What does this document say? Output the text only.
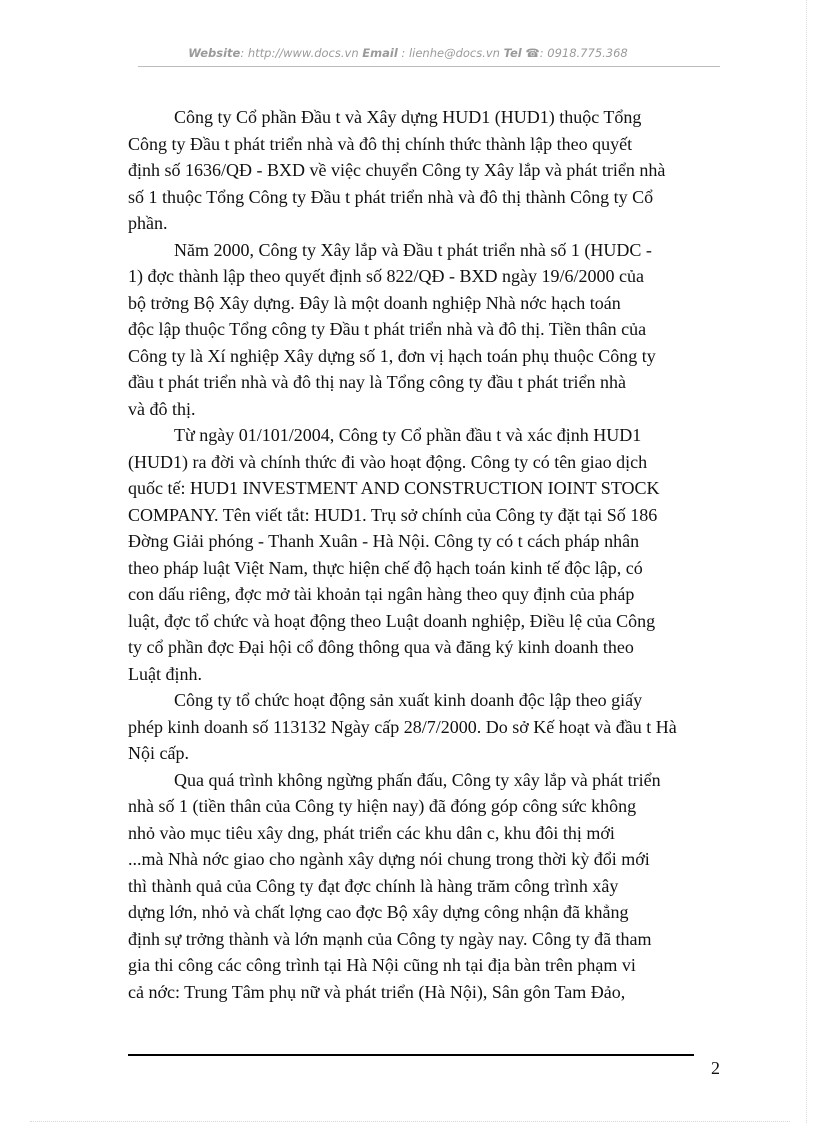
Website: http://www.docs.vn Email : lienhe@docs.vn Tel ☎: 0918.775.368

Công ty Cổ phần Đầu t và Xây dựng HUD1 (HUD1) thuộc Tổng
Công ty Đầu t phát triển nhà và đô thị chính thức thành lập theo quyết
định số 1636/QĐ - BXD về việc chuyển Công ty Xây lắp và phát triển nhà
số 1 thuộc Tổng Công ty Đầu t phát triển nhà và đô thị thành Công ty Cổ
phần.

Năm 2000, Công ty Xây lắp và Đầu t phát triển nhà số 1 (HUDC -
1) đợc thành lập theo quyết định số 822/QĐ - BXD ngày 19/6/2000 của
bộ trởng Bộ Xây dựng. Đây là một doanh nghiệp Nhà nớc hạch toán
độc lập thuộc Tổng công ty Đầu t phát triển nhà và đô thị. Tiền thân của
Công ty là Xí nghiệp Xây dựng số 1, đơn vị hạch toán phụ thuộc Công ty
đầu t phát triển nhà và đô thị nay là Tổng công ty đầu t phát triển nhà
và đô thị.

Từ ngày 01/101/2004, Công ty Cổ phần đầu t và xác định HUD1
(HUD1) ra đời và chính thức đi vào hoạt động. Công ty có tên giao dịch
quốc tế: HUD1 INVESTMENT AND CONSTRUCTION IOINT STOCK
COMPANY. Tên viết tắt: HUD1. Trụ sở chính của Công ty đặt tại Số 186
Đờng Giải phóng - Thanh Xuân - Hà Nội. Công ty có t cách pháp nhân
theo pháp luật Việt Nam, thực hiện chế độ hạch toán kinh tế độc lập, có
con dấu riêng, đợc mở tài khoản tại ngân hàng theo quy định của pháp
luật, đợc tổ chức và hoạt động theo Luật doanh nghiệp, Điều lệ của Công
ty cổ phần đợc Đại hội cổ đông thông qua và đăng ký kinh doanh theo
Luật định.

Công ty tổ chức hoạt động sản xuất kinh doanh độc lập theo giấy
phép kinh doanh số 113132 Ngày cấp 28/7/2000. Do sở Kế hoạt và đầu t Hà
Nội cấp.

Qua quá trình không ngừng phấn đấu, Công ty xây lắp và phát triển
nhà số 1 (tiền thân của Công ty hiện nay) đã đóng góp công sức không
nhỏ vào mục tiêu xây dng, phát triển các khu dân c, khu đôi thị mới
...mà Nhà nớc giao cho ngành xây dựng nói chung trong thời kỳ đổi mới
thì thành quả của Công ty đạt đợc chính là hàng trăm công trình xây
dựng lớn, nhỏ và chất lợng cao đợc Bộ xây dựng công nhận đã khẳng
định sự trởng thành và lớn mạnh của Công ty ngày nay. Công ty đã tham
gia thi công các công trình tại Hà Nội cũng nh tại địa bàn trên phạm vi
cả nớc: Trung Tâm phụ nữ và phát triển (Hà Nội), Sân gôn Tam Đảo,

2
